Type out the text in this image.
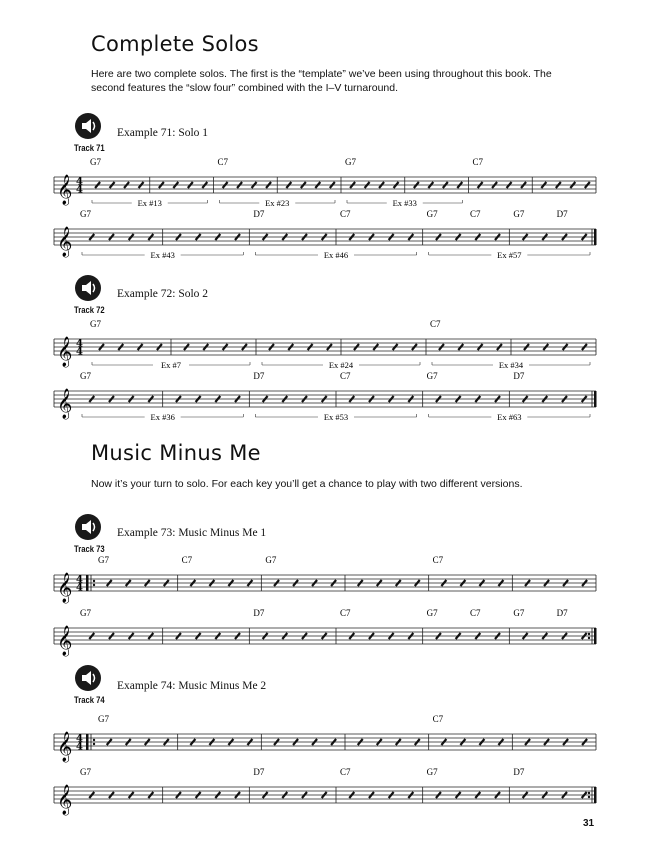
Complete Solos

Here are two complete solos. The first is the “template” we’ve been using throughout this book. The second features the “slow four” combined with the I–V turnaround.

Track 71
Example 71: Solo 1
𝄞 4
4
G7	C7	G7	C7
Ex #13	Ex #23	Ex #33
𝄞
G7	D7	C7	G7	C7	G7	D7
Ex #43	Ex #46	Ex #57
Track 72
Example 72: Solo 2
𝄞 4
4
G7	C7
Ex #7	Ex #24	Ex #34
𝄞
G7	D7	C7	G7	D7
Ex #36	Ex #53	Ex #63
Music Minus Me

Now it’s your turn to solo. For each key you’ll get a chance to play with two different versions.

Track 73
Example 73: Music Minus Me 1
𝄞 4
4
G7	C7	G7	C7
𝄞
G7	D7	C7	G7	C7	G7	D7
Track 74
Example 74: Music Minus Me 2
𝄞 4
4
G7	C7
𝄞
G7	D7	C7	G7	D7
31
